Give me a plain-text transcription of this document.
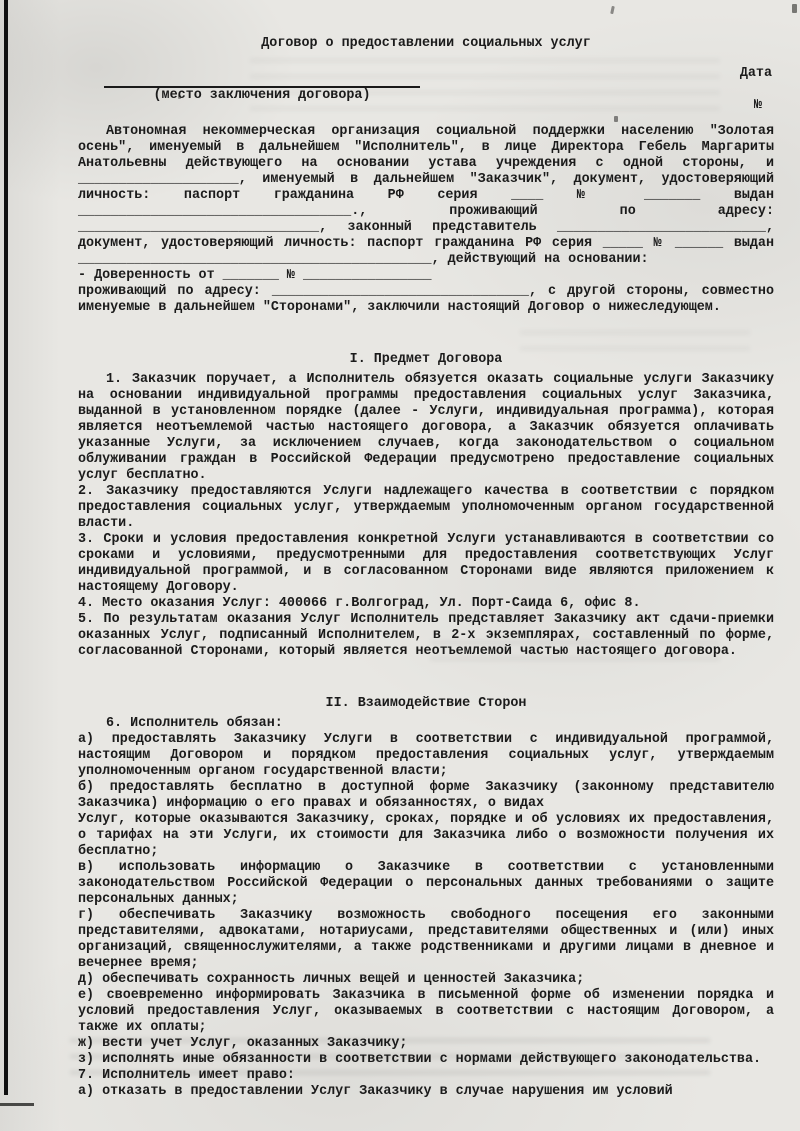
Договор о предоставлении социальных услуг
(место заключения договора)
Дата
№
Автономная некоммерческая организация социальной поддержки населению "Золотая осень", именуемый в дальнейшем "Исполнитель", в лице Директора Гебель Маргариты Анатольевны действующего на основании устава учреждения с одной стороны, и ____________________, именуемый в дальнейшем "Заказчик", документ, удостоверяющий личность: паспорт гражданина РФ серия ____ № _______ выдан __________________________________., проживающий по адресу: ______________________________, законный представитель __________________________, документ, удостоверяющий личность: паспорт гражданина РФ серия _____ № ______ выдан ____________________________________________, действующий на основании:
- Доверенность от _______ № ________________
проживающий по адресу: ________________________________, с другой стороны, совместно именуемые в дальнейшем "Сторонами", заключили настоящий Договор о нижеследующем.
I. Предмет Договора
1. Заказчик поручает, а Исполнитель обязуется оказать социальные услуги Заказчику на основании индивидуальной программы предоставления социальных услуг Заказчика, выданной в установленном порядке (далее - Услуги, индивидуальная программа), которая является неотъемлемой частью настоящего договора, а Заказчик обязуется оплачивать указанные Услуги, за исключением случаев, когда законодательством о социальном облуживании граждан в Российской Федерации предусмотрено предоставление социальных услуг бесплатно.
2. Заказчику предоставляются Услуги надлежащего качества в соответствии с порядком предоставления социальных услуг, утверждаемым уполномоченным органом государственной власти.
3. Сроки и условия предоставления конкретной Услуги устанавливаются в соответствии со сроками и условиями, предусмотренными для предоставления соответствующих Услуг индивидуальной программой, и в согласованном Сторонами виде являются приложением к настоящему Договору.
4. Место оказания Услуг: 400066 г.Волгоград, Ул. Порт-Саида 6, офис 8.
5. По результатам оказания Услуг Исполнитель представляет Заказчику акт сдачи-приемки оказанных Услуг, подписанный Исполнителем, в 2-х экземплярах, составленный по форме, согласованной Сторонами, который является неотъемлемой частью настоящего договора.
II. Взаимодействие Сторон
6. Исполнитель обязан:
а) предоставлять Заказчику Услуги в соответствии с индивидуальной программой, настоящим Договором и порядком предоставления социальных услуг, утверждаемым уполномоченным органом государственной власти;
б) предоставлять бесплатно в доступной форме Заказчику (законному представителю Заказчика) информацию о его правах и обязанностях, о видах
Услуг, которые оказываются Заказчику, сроках, порядке и об условиях их предоставления, о тарифах на эти Услуги, их стоимости для Заказчика либо о возможности получения их бесплатно;
в) использовать информацию о Заказчике в соответствии с установленными законодательством Российской Федерации о персональных данных требованиями о защите персональных данных;
г) обеспечивать Заказчику возможность свободного посещения его законными представителями, адвокатами, нотариусами, представителями общественных и (или) иных организаций, священнослужителями, а также родственниками и другими лицами в дневное и вечернее время;
д) обеспечивать сохранность личных вещей и ценностей Заказчика;
е) своевременно информировать Заказчика в письменной форме об изменении порядка и условий предоставления Услуг, оказываемых в соответствии с настоящим Договором, а также их оплаты;
ж) вести учет Услуг, оказанных Заказчику;
з) исполнять иные обязанности в соответствии с нормами действующего законодательства.
7. Исполнитель имеет право:
а) отказать в предоставлении Услуг Заказчику в случае нарушения им условий
